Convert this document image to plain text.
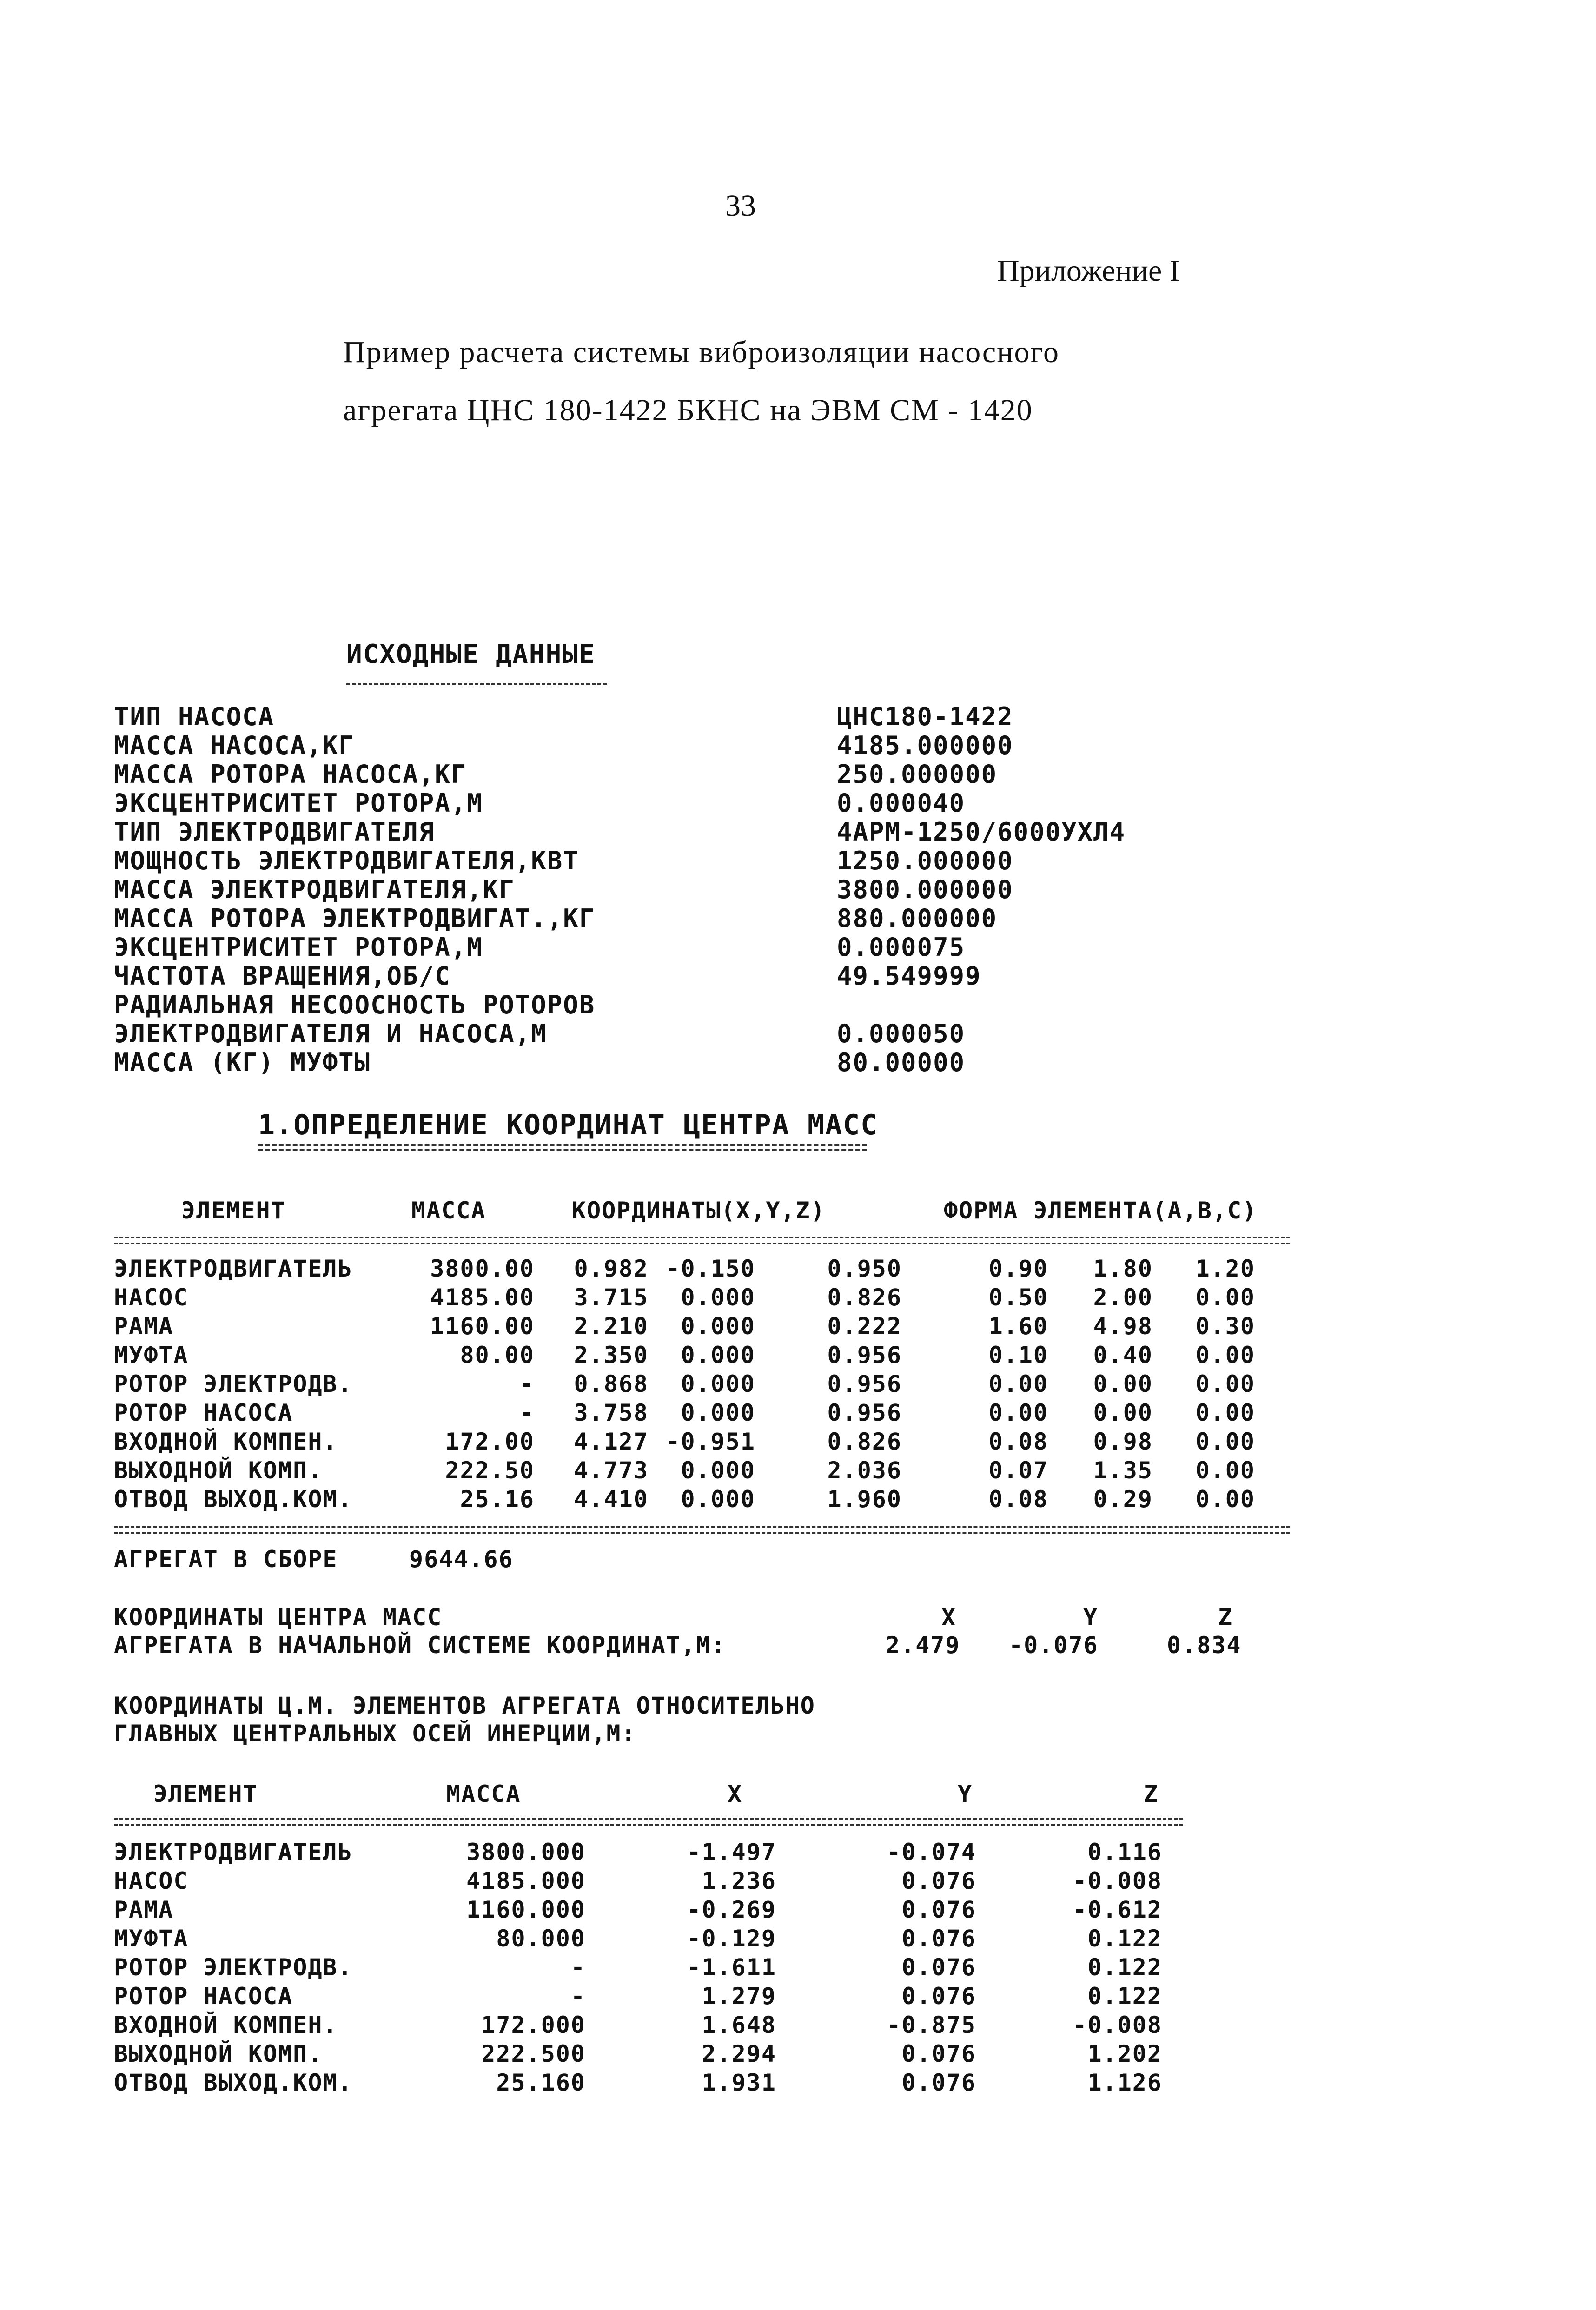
33
Приложение I
Пример расчета системы виброизоляции насосного
агрегата ЦНС 180-1422 БКНС на ЭВМ СМ - 1420
ИСХОДНЫЕ ДАННЫЕ
ТИП НАСОСА	ЦНС180-1422
МАССА НАСОСА,КГ	4185.000000
МАССА РОТОРА НАСОСА,КГ	250.000000
ЭКСЦЕНТРИСИТЕТ РОТОРА,М	0.000040
ТИП ЭЛЕКТРОДВИГАТЕЛЯ	4АРМ-1250/6000УХЛ4
МОЩНОСТЬ ЭЛЕКТРОДВИГАТЕЛЯ,КВТ	1250.000000
МАССА ЭЛЕКТРОДВИГАТЕЛЯ,КГ	3800.000000
МАССА РОТОРА ЭЛЕКТРОДВИГАТ.,КГ	880.000000
ЭКСЦЕНТРИСИТЕТ РОТОРА,М	0.000075
ЧАСТОТА ВРАЩЕНИЯ,ОБ/С	49.549999
РАДИАЛЬНАЯ НЕСООСНОСТЬ РОТОРОВ
ЭЛЕКТРОДВИГАТЕЛЯ И НАСОСА,М	0.000050
МАССА (КГ) МУФТЫ	80.00000
1.ОПРЕДЕЛЕНИЕ КООРДИНАТ ЦЕНТРА МАСС
ЭЛЕМЕНТ	МАССА	КООРДИНАТЫ(X,Y,Z)	ФОРМА ЭЛЕМЕНТА(A,B,C)
ЭЛЕКТРОДВИГАТЕЛЬ	3800.00 0.982 -0.150	0.950	0.90 1.80 1.20
НАСОС	4185.00 3.715 0.000	0.826	0.50 2.00 0.00
РАМА	1160.00 2.210 0.000	0.222	1.60 4.98 0.30
МУФТА	80.00 2.350 0.000	0.956	0.10 0.40 0.00
РОТОР ЭЛЕКТРОДВ.	- 0.868 0.000	0.956	0.00 0.00 0.00
РОТОР НАСОСА	- 3.758 0.000	0.956	0.00 0.00 0.00
ВХОДНОЙ КОМПЕН.	172.00 4.127 -0.951	0.826	0.08 0.98 0.00
ВЫХОДНОЙ КОМП.	222.50 4.773 0.000	2.036	0.07 1.35 0.00
ОТВОД ВЫХОД.КОМ.	25.16 4.410 0.000	1.960	0.08 0.29 0.00
АГРЕГАТ В СБОРЕ	9644.66
КООРДИНАТЫ ЦЕНТРА МАСС
АГРЕГАТА В НАЧАЛЬНОЙ СИСТЕМЕ КООРДИНАТ,М:
X	Y	Z
2.479 -0.076	0.834
КООРДИНАТЫ Ц.М. ЭЛЕМЕНТОВ АГРЕГАТА ОТНОСИТЕЛЬНО
ГЛАВНЫХ ЦЕНТРАЛЬНЫХ ОСЕЙ ИНЕРЦИИ,М:
ЭЛЕМЕНТ	МАССА	X	Y	Z
ЭЛЕКТРОДВИГАТЕЛЬ	3800.000	-1.497	-0.074	0.116
НАСОС	4185.000	1.236	0.076	-0.008
РАМА	1160.000	-0.269	0.076	-0.612
МУФТА	80.000	-0.129	0.076	0.122
РОТОР ЭЛЕКТРОДВ.	-	-1.611	0.076	0.122
РОТОР НАСОСА	-	1.279	0.076	0.122
ВХОДНОЙ КОМПЕН.	172.000	1.648	-0.875	-0.008
ВЫХОДНОЙ КОМП.	222.500	2.294	0.076	1.202
ОТВОД ВЫХОД.КОМ.	25.160	1.931	0.076	1.126
